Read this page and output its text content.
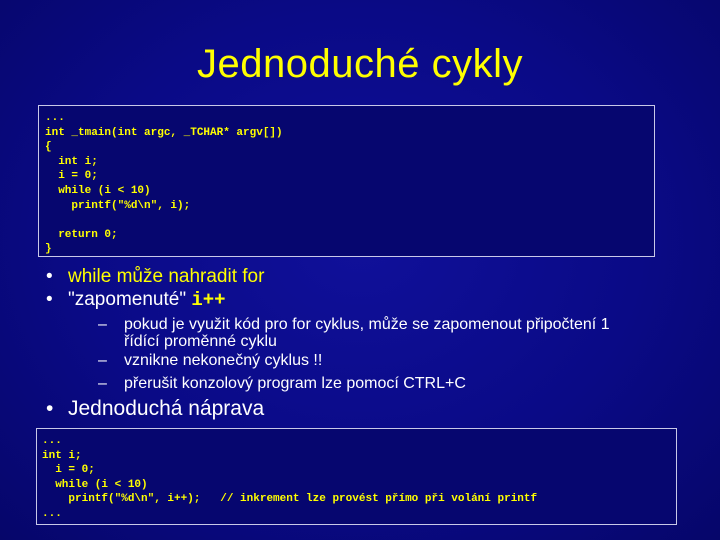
Jednoduché cykly
...
int _tmain(int argc, _TCHAR* argv[])
{
int i;
i = 0;
while (i < 10)
printf("%d\n", i);

return 0;
}
• while může nahradit for
• "zapomenuté" i++
– pokud je využit kód pro for cyklus, může se zapomenout připočtení 1
řídící proměnné cyklu
– vznikne nekonečný cyklus !!
– přerušit konzolový program lze pomocí CTRL+C
• Jednoduchá náprava
...
int i;
i = 0;
while (i < 10)
printf("%d\n", i++);   // inkrement lze provést přímo při volání printf
...
